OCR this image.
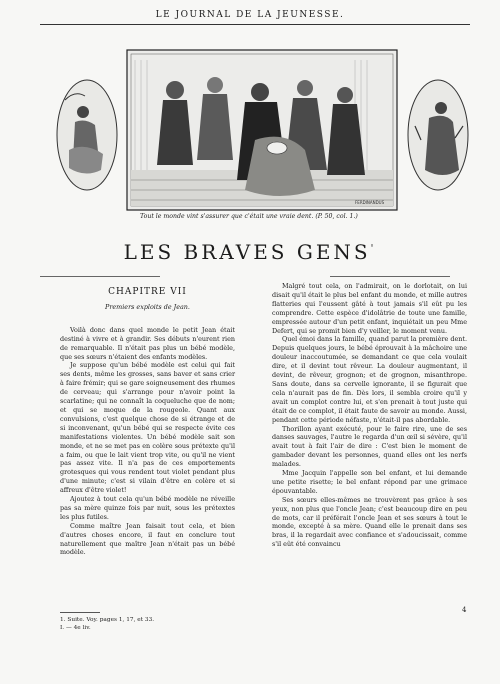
LE JOURNAL DE LA JEUNESSE.
FERDINANDUS
Tout le monde vint s'assurer que c'était une vraie dent. (P. 50, col. 1.)
LES BRAVES GENS'
CHAPITRE VII
Premiers exploits de Jean.

Voilà donc dans quel monde le petit Jean était destiné à vivre et à grandir. Ses débuts n'eurent rien de remarquable. Il n'était pas plus un bébé modèle, que ses sœurs n'étaient des enfants modèles.

Je suppose qu'un bébé modèle est celui qui fait ses dents, même les grosses, sans baver et sans crier à faire frémir; qui se gare soigneusement des rhumes de cerveau; qui s'arrange pour n'avoir point la scarlatine; qui ne connaît la coqueluche que de nom; et qui se moque de la rougeole. Quant aux convulsions, c'est quelque chose de si étrange et de si inconvenant, qu'un bébé qui se respecte évite ces manifestations violentes. Un bébé modèle sait son monde, et ne se met pas en colère sous prétexte qu'il a faim, ou que le lait vient trop vite, ou qu'il ne vient pas assez vite. Il n'a pas de ces emportements grotesques qui vous rendent tout violet pendant plus d'une minute; c'est si vilain d'être en colère et si affreux d'être violet!

Ajoutez à tout cela qu'un bébé modèle ne réveille pas sa mère quinze fois par nuit, sous les prétextes les plus futiles.

Comme maître Jean faisait tout cela, et bien d'autres choses encore, il faut en conclure tout naturellement que maître Jean n'était pas un bébé modèle.

Malgré tout cela, on l'admirait, on le dorlotait, on lui disait qu'il était le plus bel enfant du monde, et mille autres flatteries qui l'eussent gâté à tout jamais s'il eût pu les comprendre. Cette espèce d'idolâtrie de toute une famille, empressée autour d'un petit enfant, inquiétait un peu Mme Defert, qui se promit bien d'y veiller, le moment venu.

Quel émoi dans la famille, quand parut la première dent. Depuis quelques jours, le bébé éprouvait à la mâchoire une douleur inaccoutumée, se demandant ce que cela voulait dire, et il devint tout rêveur. La douleur augmentant, il devint, de rêveur, grognon; et de grognon, misanthrope. Sans doute, dans sa cervelle ignorante, il se figurait que cela n'aurait pas de fin. Dès lors, il sembla croire qu'il y avait un complot contre lui, et s'en prenait à tout juste qui était de ce complot, il était faute de savoir au monde. Aussi, pendant cette période néfaste, n'était-il pas abordable.

Thorillon ayant exécuté, pour le faire rire, une de ses danses sauvages, l'autre le regarda d'un œil si sévère, qu'il avait tout à fait l'air de dire : C'est bien le moment de gambader devant les personnes, quand elles ont les nerfs malades.

Mme Jacquin l'appelle son bel enfant, et lui demande une petite risette; le bel enfant répond par une grimace épouvantable.

Ses sœurs elles-mêmes ne trouvèrent pas grâce à ses yeux, non plus que l'oncle Jean; c'est beaucoup dire en peu de mots, car il préférait l'oncle Jean et ses sœurs à tout le monde, excepté à sa mère. Quand elle le prenait dans ses bras, il la regardait avec confiance et s'adoucissait, comme s'il eût été convaincu

1. Suite. Voy. pages 1, 17, et 33.
I. — 4e liv.
4
